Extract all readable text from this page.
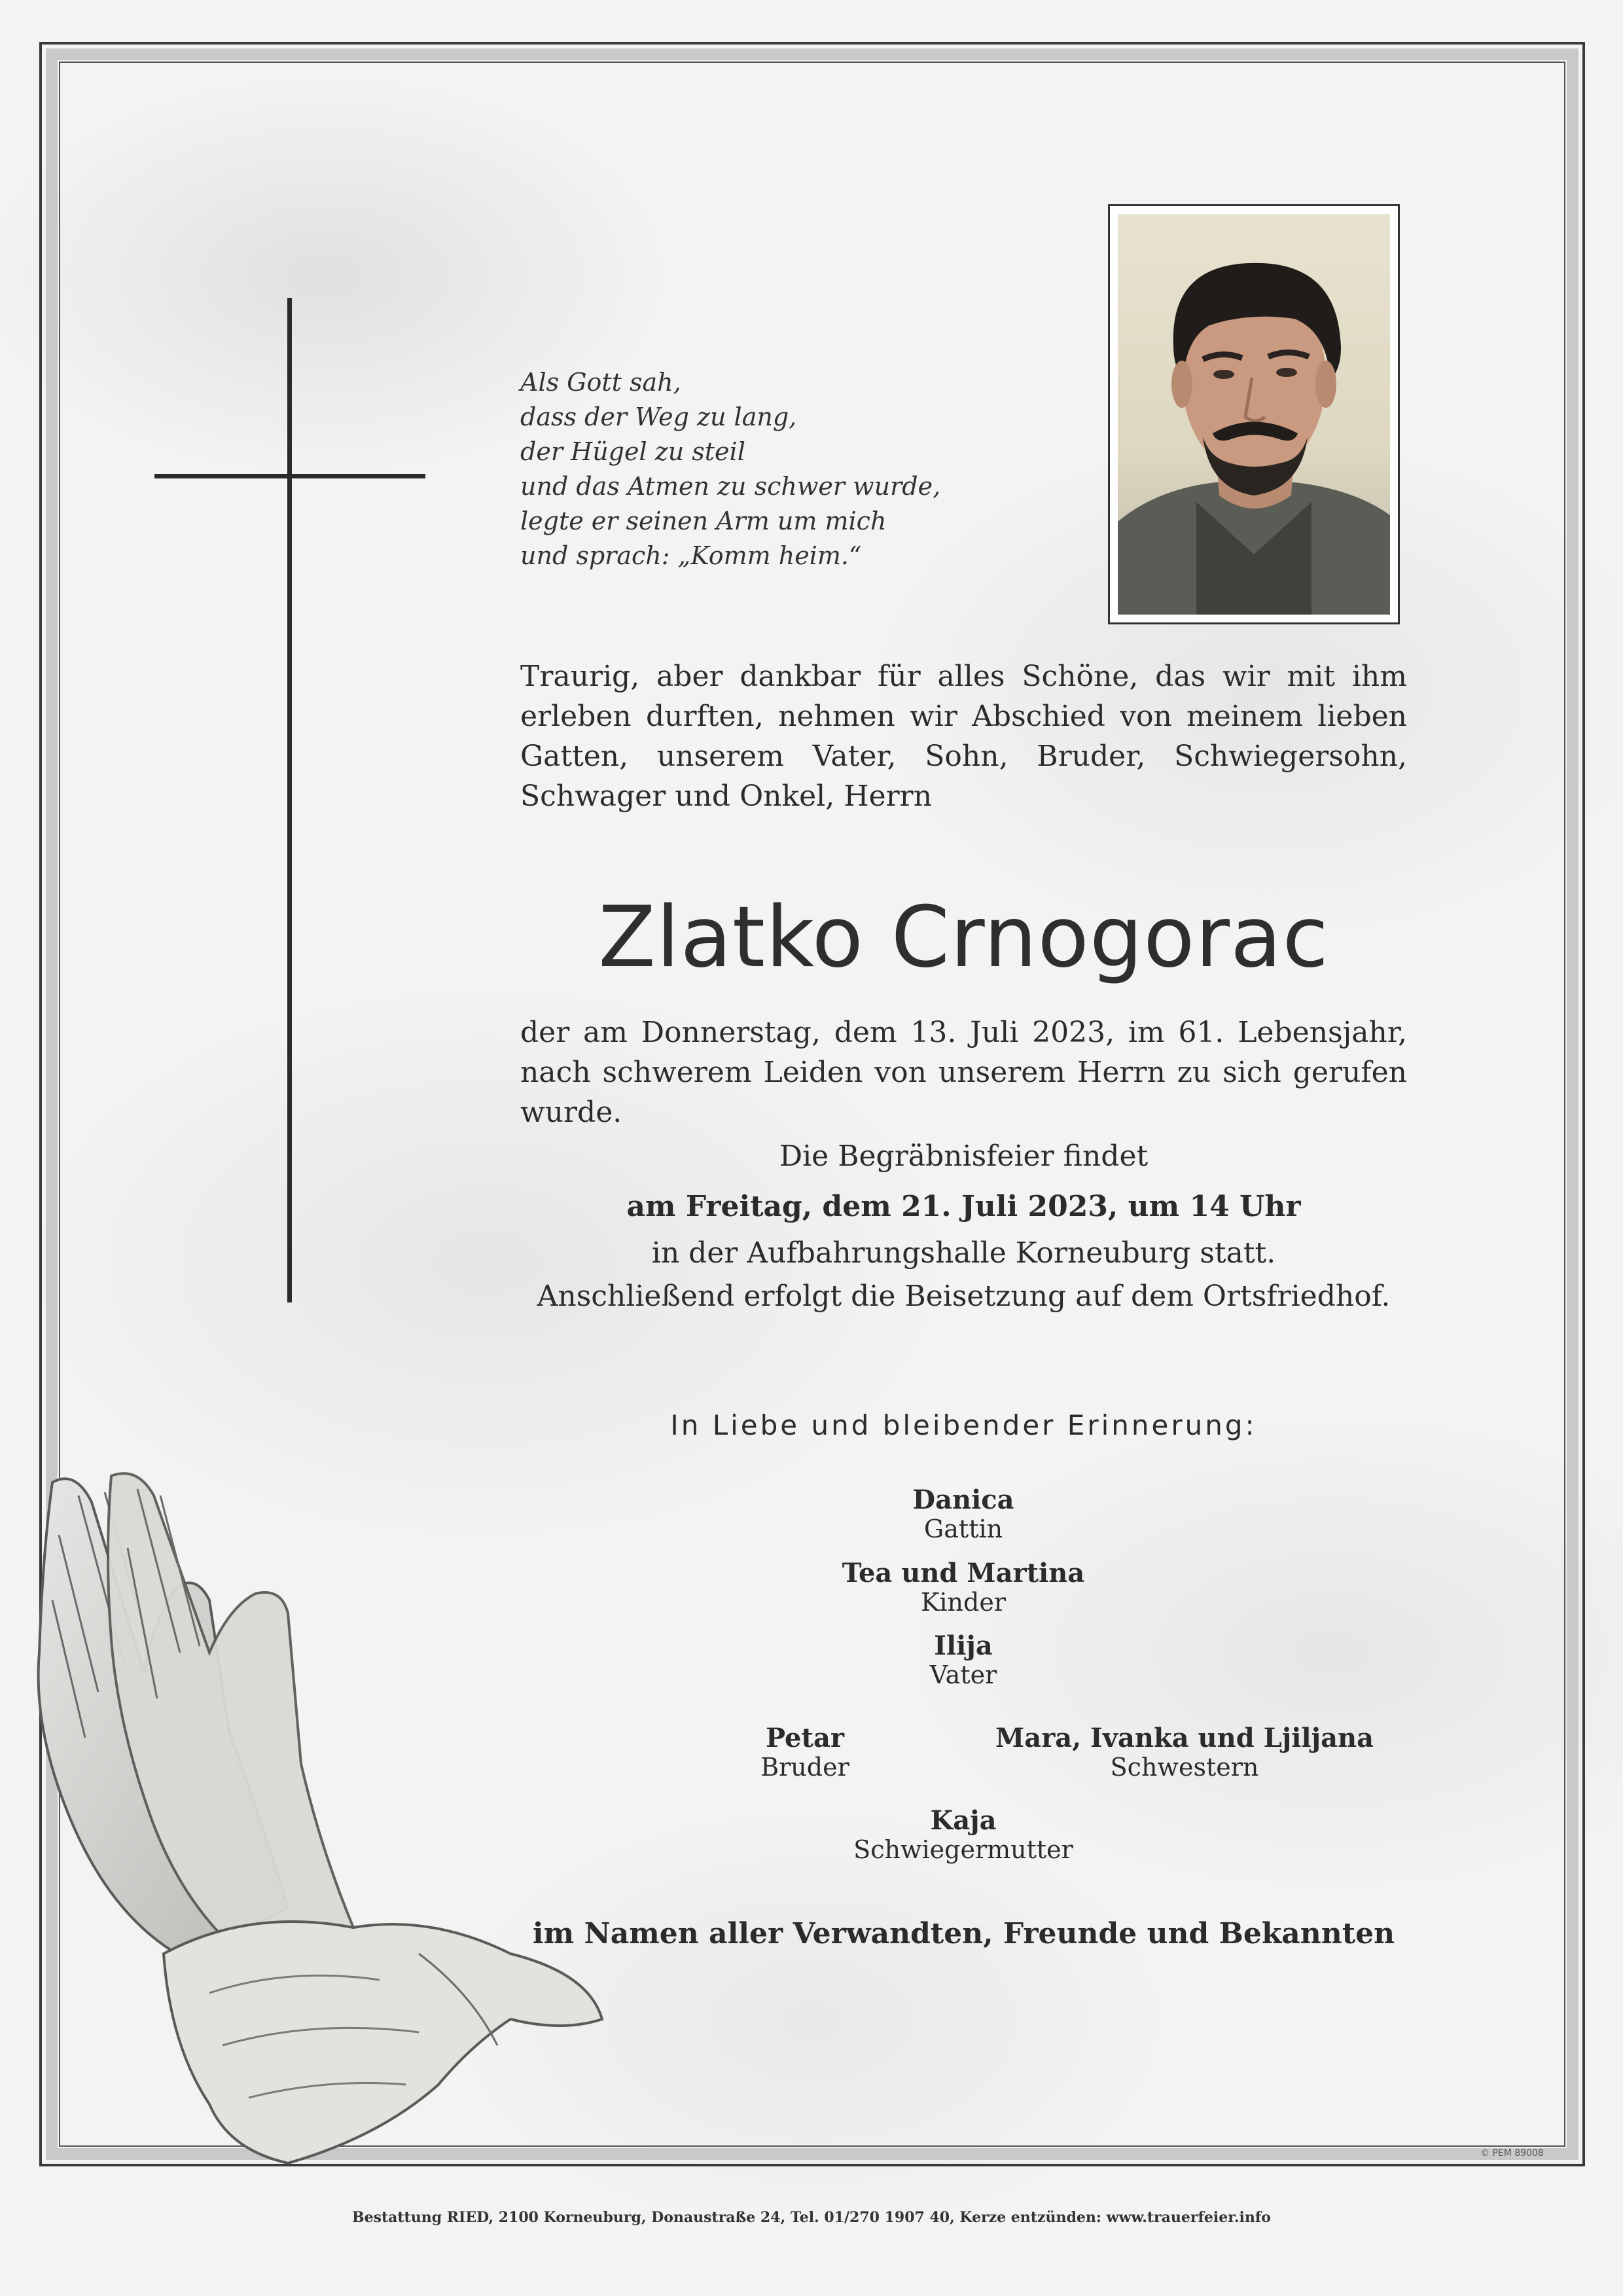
Als Gott sah,
dass der Weg zu lang,
der Hügel zu steil
und das Atmen zu schwer wurde,
legte er seinen Arm um mich
und sprach: „Komm heim.“
Traurig, aber dankbar für alles Schöne, das wir mit ihm erleben durften, nehmen wir Abschied von meinem lieben Gatten, unserem Vater, Sohn, Bruder, Schwiegersohn, Schwager und Onkel, Herrn
Zlatko Crnogorac
der am Donnerstag, dem 13. Juli 2023, im 61. Lebensjahr, nach schwerem Leiden von unserem Herrn zu sich gerufen wurde.
Die Begräbnisfeier findet
am Freitag, dem 21. Juli 2023, um 14 Uhr
in der Aufbahrungshalle Korneuburg statt.
Anschließend erfolgt die Beisetzung auf dem Ortsfriedhof.
In Liebe und bleibender Erinnerung:
Danica
Gattin
Tea und Martina
Kinder
Ilija
Vater
Petar
Bruder
Mara, Ivanka und Ljiljana
Schwestern
Kaja
Schwiegermutter
im Namen aller Verwandten, Freunde und Bekannten
© PEM 89008
Bestattung RIED, 2100 Korneuburg, Donaustraße 24, Tel. 01/270 1907 40, Kerze entzünden: www.trauerfeier.info
